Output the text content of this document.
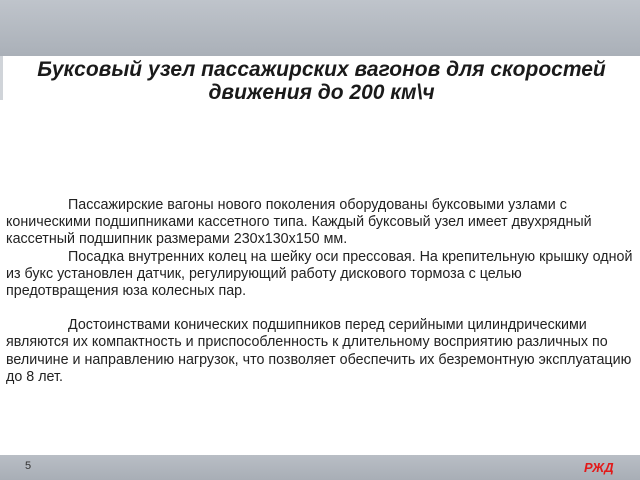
Буксовый узел пассажирских вагонов для скоростей
движения до 200 км\ч

Пассажирские вагоны нового поколения оборудованы буксовыми узлами с коническими подшипниками кассетного типа. Каждый буксовый узел имеет двухрядный кассетный подшипник размерами 230х130х150 мм.

Посадка внутренних колец на шейку оси прессовая. На крепительную крышку одной из букс установлен датчик, регулирующий работу дискового тормоза с целью предотвращения юза колесных пар.

Достоинствами конических подшипников перед серийными цилиндрическими являются их компактность и приспособленность к длительному восприятию различных по величине и направлению нагрузок, что позволяет обеспечить их безремонтную эксплуатацию до 8 лет.

5	РЖД
